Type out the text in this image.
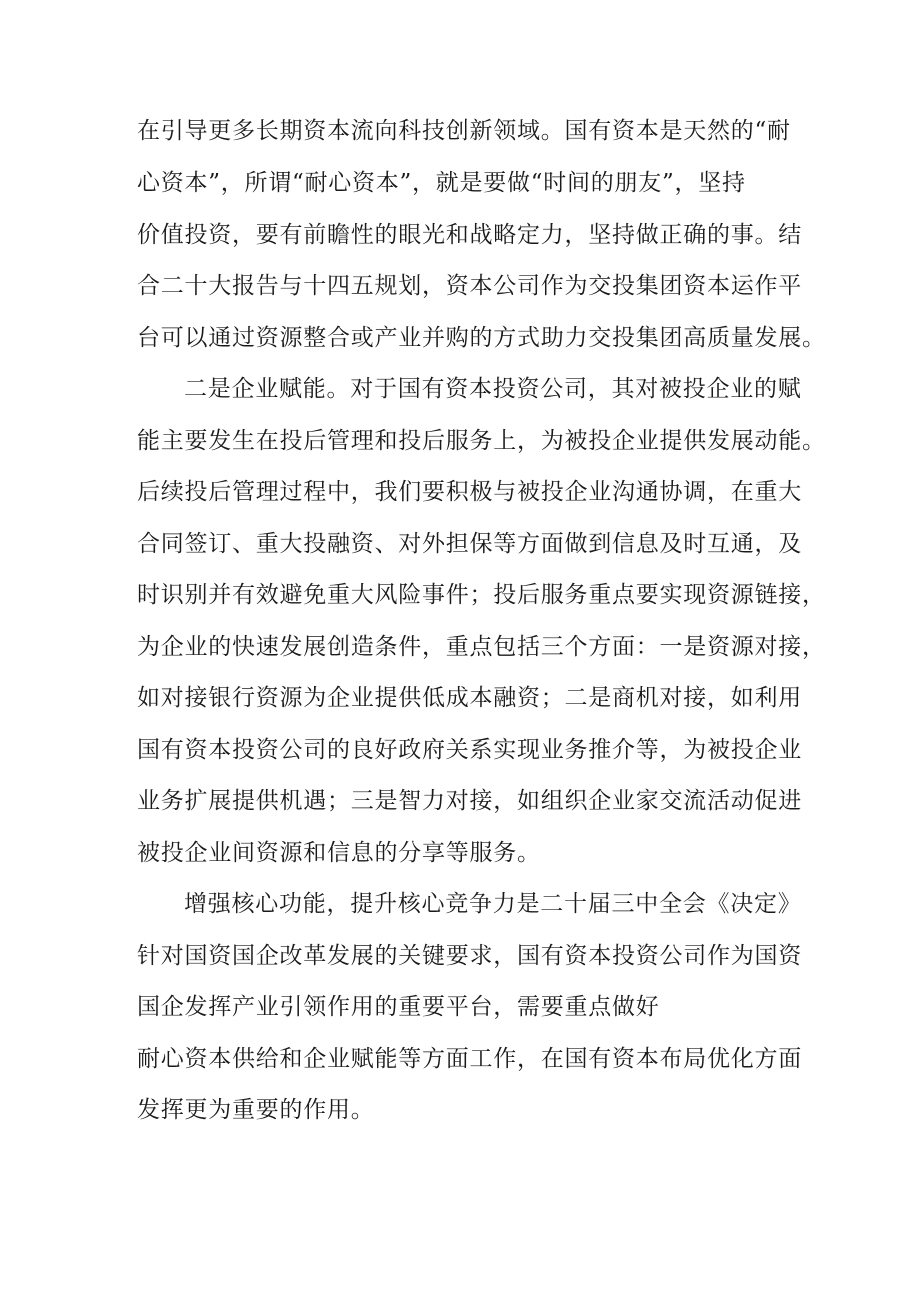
在引导更多长期资本流向科技创新领域。国有资本是天然的“耐
心资本”，所谓“耐心资本”，就是要做“时间的朋友”，坚持
价值投资，要有前瞻性的眼光和战略定力，坚持做正确的事。结
合二十大报告与十四五规划，资本公司作为交投集团资本运作平
台可以通过资源整合或产业并购的方式助力交投集团高质量发展。
二是企业赋能。对于国有资本投资公司，其对被投企业的赋
能主要发生在投后管理和投后服务上，为被投企业提供发展动能。
后续投后管理过程中，我们要积极与被投企业沟通协调，在重大
合同签订、重大投融资、对外担保等方面做到信息及时互通，及
时识别并有效避免重大风险事件；投后服务重点要实现资源链接，
为企业的快速发展创造条件，重点包括三个方面：一是资源对接，
如对接银行资源为企业提供低成本融资；二是商机对接，如利用
国有资本投资公司的良好政府关系实现业务推介等，为被投企业
业务扩展提供机遇；三是智力对接，如组织企业家交流活动促进
被投企业间资源和信息的分享等服务。
增强核心功能，提升核心竞争力是二十届三中全会《决定》
针对国资国企改革发展的关键要求，国有资本投资公司作为国资
国企发挥产业引领作用的重要平台，需要重点做好
耐心资本供给和企业赋能等方面工作，在国有资本布局优化方面
发挥更为重要的作用。
